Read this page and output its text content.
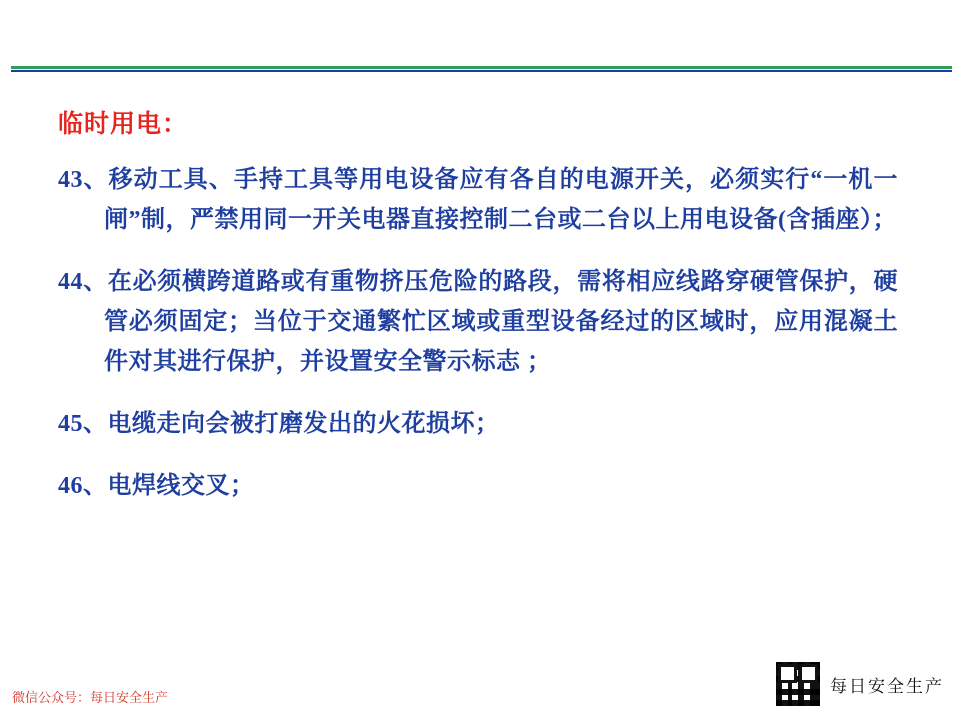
临时用电：
43、移动工具、手持工具等用电设备应有各自的电源开关，必须实行“一机一闸”制，严禁用同一开关电器直接控制二台或二台以上用电设备(含插座）；
44、在必须横跨道路或有重物挤压危险的路段，需将相应线路穿硬管保护，硬管必须固定；当位于交通繁忙区域或重型设备经过的区域时，应用混凝土件对其进行保护，并设置安全警示标志 ；
45、电缆走向会被打磨发出的火花损坏；
46、电焊线交叉；
微信公众号：每日安全生产
每日安全生产
